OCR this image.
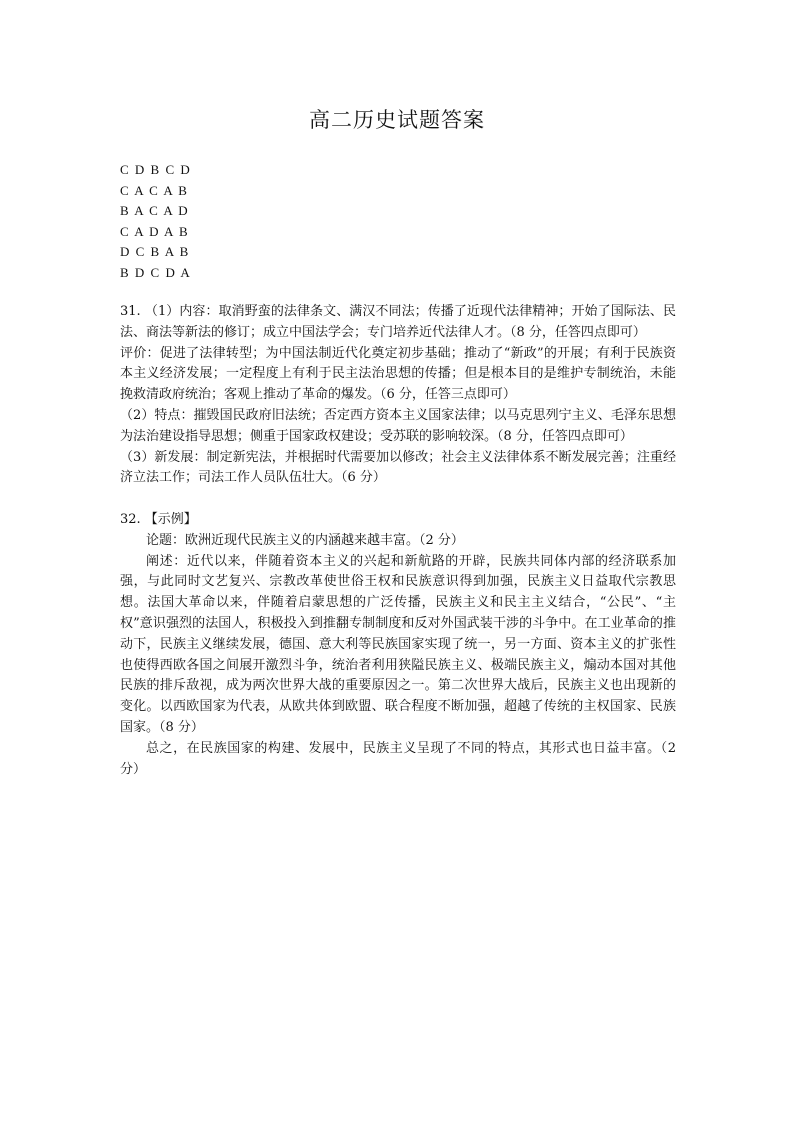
高二历史试题答案
C D B C D
C A C A B
B A C A D
C A D A B
D C B A B
B D C D A

31. （1）内容：取消野蛮的法律条文、满汉不同法；传播了近现代法律精神；开始了国际法、民法、商法等新法的修订；成立中国法学会；专门培养近代法律人才。（8 分，任答四点即可）

评价：促进了法律转型；为中国法制近代化奠定初步基础；推动了“新政”的开展；有利于民族资本主义经济发展；一定程度上有利于民主法治思想的传播；但是根本目的是维护专制统治，未能挽救清政府统治；客观上推动了革命的爆发。（6 分，任答三点即可）

（2）特点：摧毁国民政府旧法统；否定西方资本主义国家法律；以马克思列宁主义、毛泽东思想为法治建设指导思想；侧重于国家政权建设；受苏联的影响较深。（8 分，任答四点即可）

（3）新发展：制定新宪法，并根据时代需要加以修改；社会主义法律体系不断发展完善；注重经济立法工作；司法工作人员队伍壮大。（6 分）

32. 【示例】

论题：欧洲近现代民族主义的内涵越来越丰富。（2 分）

阐述：近代以来，伴随着资本主义的兴起和新航路的开辟，民族共同体内部的经济联系加强，与此同时文艺复兴、宗教改革使世俗王权和民族意识得到加强，民族主义日益取代宗教思想。法国大革命以来，伴随着启蒙思想的广泛传播，民族主义和民主主义结合，“公民”、“主权”意识强烈的法国人，积极投入到推翻专制制度和反对外国武装干涉的斗争中。在工业革命的推动下，民族主义继续发展，德国、意大利等民族国家实现了统一，另一方面、资本主义的扩张性也使得西欧各国之间展开激烈斗争，统治者利用狭隘民族主义、极端民族主义，煽动本国对其他民族的排斥敌视，成为两次世界大战的重要原因之一。第二次世界大战后，民族主义也出现新的变化。以西欧国家为代表，从欧共体到欧盟、联合程度不断加强，超越了传统的主权国家、民族国家。（8 分）

总之，在民族国家的构建、发展中，民族主义呈现了不同的特点，其形式也日益丰富。（2 分）
